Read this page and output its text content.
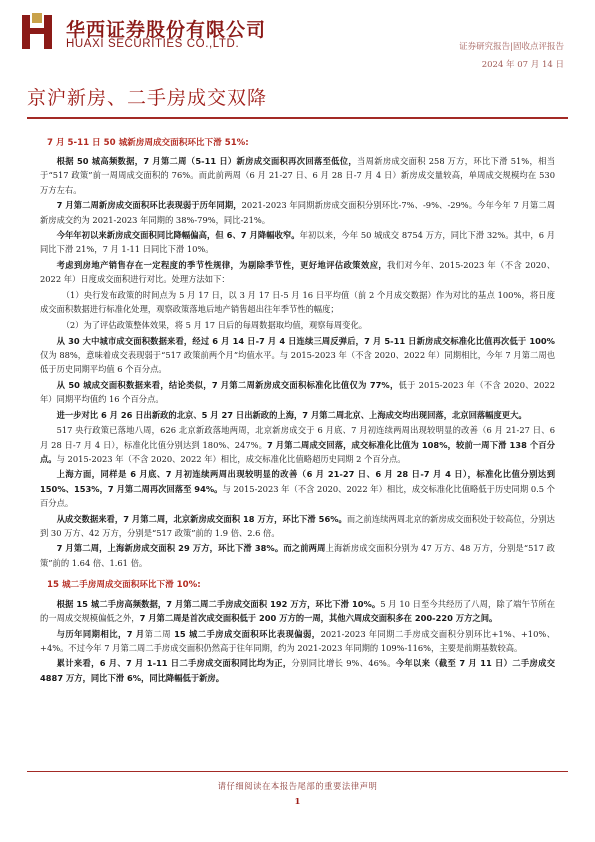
华西证券股份有限公司
HUAXI SECURITIES CO.,LTD.	证券研究报告|固收点评报告
2024 年 07 月 14 日
京沪新房、二手房成交双降
7 月 5-11 日 50 城新房周成交面积环比下滑 51%:

根据 50 城高频数据，7 月第二周（5-11 日）新房成交面积再次回落至低位，当周新房成交面积 258 万方，环比下滑 51%，相当于“517 政策”前一周周成交面积的 76%。而此前两周（6 月 21-27 日、6 月 28 日-7 月 4 日）新房成交量较高，单周成交规模均在 530 万方左右。

7 月第二周新房成交面积环比表现弱于历年同期，2021-2023 年同期新房成交面积分别环比-7%、-9%、-29%。今年今年 7 月第二周新房成交约为 2021-2023 年同期的 38%-79%，同比-21%。

今年年初以来新房成交面积同比降幅偏高，但 6、7 月降幅收窄。年初以来，今年 50 城成交 8754 万方，同比下滑 32%。其中，6 月同比下滑 21%，7 月 1-11 日同比下滑 10%。

考虑到房地产销售存在一定程度的季节性规律，为剔除季节性，更好地评估政策效应，我们对今年、2015-2023 年（不含 2020、2022 年）日度成交面积进行对比。处理方法如下：

（1）央行发布政策的时间点为 5 月 17 日，以 3 月 17 日-5 月 16 日平均值（前 2 个月成交数据）作为对比的基点 100%，将日度成交面积数据进行标准化处理，观察政策落地后地产销售超出往年季节性的幅度；

（2）为了评估政策整体效果，将 5 月 17 日后的每周数据取均值，观察每周变化。

从 30 大中城市成交面积数据来看，经过 6 月 14 日-7 月 4 日连续三周反弹后，7 月 5-11 日新房成交标准化比值再次低于 100%仅为 88%，意味着成交表现弱于“517 政策前两个月”均值水平。与 2015-2023 年（不含 2020、2022 年）同期相比，今年 7 月第二周也低于历史同期平均值 6 个百分点。

从 50 城成交面积数据来看，结论类似，7 月第二周新房成交面积标准化比值仅为 77%，低于 2015-2023 年（不含 2020、2022 年）同期平均值约 16 个百分点。

进一步对比 6 月 26 日出新政的北京、5 月 27 日出新政的上海，7 月第二周北京、上海成交均出现回落，北京回落幅度更大。

517 央行政策已落地八周，626 北京新政落地两周，北京新房成交于 6 月底、7 月初连续两周出现较明显的改善（6 月 21-27 日、6 月 28 日-7 月 4 日），标准化比值分别达到 180%、247%。7 月第二周成交回落，成交标准化比值为 108%，较前一周下滑 138 个百分点。与 2015-2023 年（不含 2020、2022 年）相比，成交标准化比值略超历史同期 2 个百分点。

上海方面，同样是 6 月底、7 月初连续两周出现较明显的改善（6 月 21-27 日、6 月 28 日-7 月 4 日），标准化比值分别达到 150%、153%，7 月第二周再次回落至 94%。与 2015-2023 年（不含 2020、2022 年）相比，成交标准化比值略低于历史同期 0.5 个百分点。

从成交数据来看，7 月第二周，北京新房成交面积 18 万方，环比下滑 56%。而之前连续两周北京的新房成交面积处于较高位，分别达到 30 万方、42 万方，分别是“517 政策”前的 1.9 倍、2.6 倍。

7 月第二周，上海新房成交面积 29 万方，环比下滑 38%。而之前两周上海新房成交面积分别为 47 万方、48 万方，分别是“517 政策”前的 1.64 倍、1.61 倍。

15 城二手房周成交面积环比下滑 10%:

根据 15 城二手房高频数据，7 月第二周二手房成交面积 192 万方，环比下滑 10%。5 月 10 日至今共经历了八周，除了端午节所在的一周成交规模偏低之外，7 月第二周是首次成交面积低于 200 万方的一周，其他六周成交面积多在 200-220 万方之间。

与历年同期相比，7 月第二周 15 城二手房成交面积环比表现偏弱，2021-2023 年同期二手房成交面积分别环比+1%、+10%、+4%。不过今年 7 月第二周二手房成交面积仍然高于往年同期，约为 2021-2023 年同期的 109%-116%，主要是前期基数较高。

累计来看，6 月、7 月 1-11 日二手房成交面积同比均为正，分别同比增长 9%、46%。今年以来（截至 7 月 11 日）二手房成交 4887 万方，同比下滑 6%，同比降幅低于新房。

请仔细阅读在本报告尾部的重要法律声明
1
